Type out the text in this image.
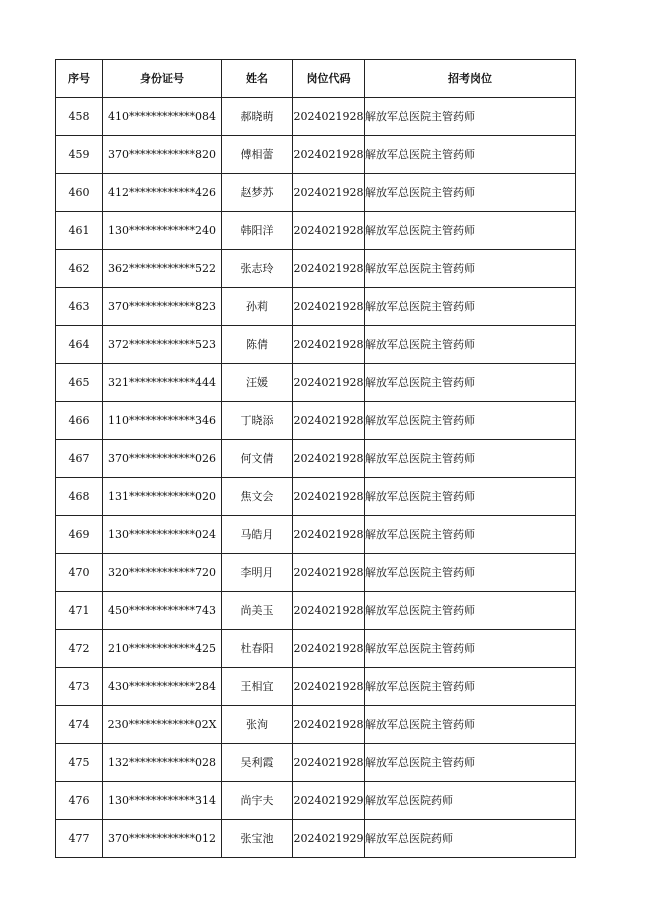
序号	身份证号	姓名	岗位代码	招考岗位
458	410************084	郝晓萌	2024021928	解放军总医院主管药师
459	370************820	傅相蕾	2024021928	解放军总医院主管药师
460	412************426	赵梦苏	2024021928	解放军总医院主管药师
461	130************240	韩阳洋	2024021928	解放军总医院主管药师
462	362************522	张志玲	2024021928	解放军总医院主管药师
463	370************823	孙莉	2024021928	解放军总医院主管药师
464	372************523	陈倩	2024021928	解放军总医院主管药师
465	321************444	汪媛	2024021928	解放军总医院主管药师
466	110************346	丁晓添	2024021928	解放军总医院主管药师
467	370************026	何文倩	2024021928	解放军总医院主管药师
468	131************020	焦文会	2024021928	解放军总医院主管药师
469	130************024	马皓月	2024021928	解放军总医院主管药师
470	320************720	李明月	2024021928	解放军总医院主管药师
471	450************743	尚美玉	2024021928	解放军总医院主管药师
472	210************425	杜春阳	2024021928	解放军总医院主管药师
473	430************284	王相宜	2024021928	解放军总医院主管药师
474	230************02X	张洵	2024021928	解放军总医院主管药师
475	132************028	吴利霞	2024021928	解放军总医院主管药师
476	130************314	尚宇夫	2024021929	解放军总医院药师
477	370************012	张宝池	2024021929	解放军总医院药师
